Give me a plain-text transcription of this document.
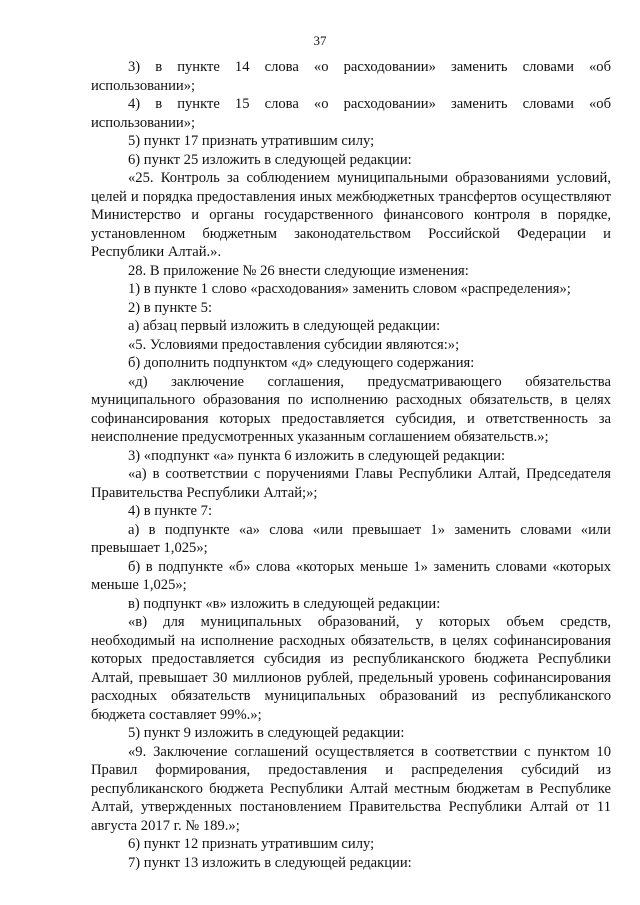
37

3) в пункте 14 слова «о расходовании» заменить словами «об использовании»;

4) в пункте 15 слова «о расходовании» заменить словами «об использовании»;

5) пункт 17 признать утратившим силу;

6) пункт 25 изложить в следующей редакции:

«25. Контроль за соблюдением муниципальными образованиями условий, целей и порядка предоставления иных межбюджетных трансфертов осуществляют Министерство и органы государственного финансового контроля в порядке, установленном бюджетным законодательством Российской Федерации и Республики Алтай.».

28. В приложение № 26 внести следующие изменения:

1) в пункте 1 слово «расходования» заменить словом «распределения»;

2) в пункте 5:

а) абзац первый изложить в следующей редакции:

«5. Условиями предоставления субсидии являются:»;

б) дополнить подпунктом «д» следующего содержания:

«д) заключение соглашения, предусматривающего обязательства муниципального образования по исполнению расходных обязательств, в целях софинансирования которых предоставляется субсидия, и ответственность за неисполнение предусмотренных указанным соглашением обязательств.»;

3) «подпункт «а» пункта 6 изложить в следующей редакции:

«а) в соответствии с поручениями Главы Республики Алтай, Председателя Правительства Республики Алтай;»;

4) в пункте 7:

а) в подпункте «а» слова «или превышает 1» заменить словами «или превышает 1,025»;

б) в подпункте «б» слова «которых меньше 1» заменить словами «которых меньше 1,025»;

в) подпункт «в» изложить в следующей редакции:

«в) для муниципальных образований, у которых объем средств, необходимый на исполнение расходных обязательств, в целях софинансирования которых предоставляется субсидия из республиканского бюджета Республики Алтай, превышает 30 миллионов рублей, предельный уровень софинансирования расходных обязательств муниципальных образований из республиканского бюджета составляет 99%.»;

5) пункт 9 изложить в следующей редакции:

«9. Заключение соглашений осуществляется в соответствии с пунктом 10 Правил формирования, предоставления и распределения субсидий из республиканского бюджета Республики Алтай местным бюджетам в Республике Алтай, утвержденных постановлением Правительства Республики Алтай от 11 августа 2017 г. № 189.»;

6) пункт 12 признать утратившим силу;

7) пункт 13 изложить в следующей редакции:
